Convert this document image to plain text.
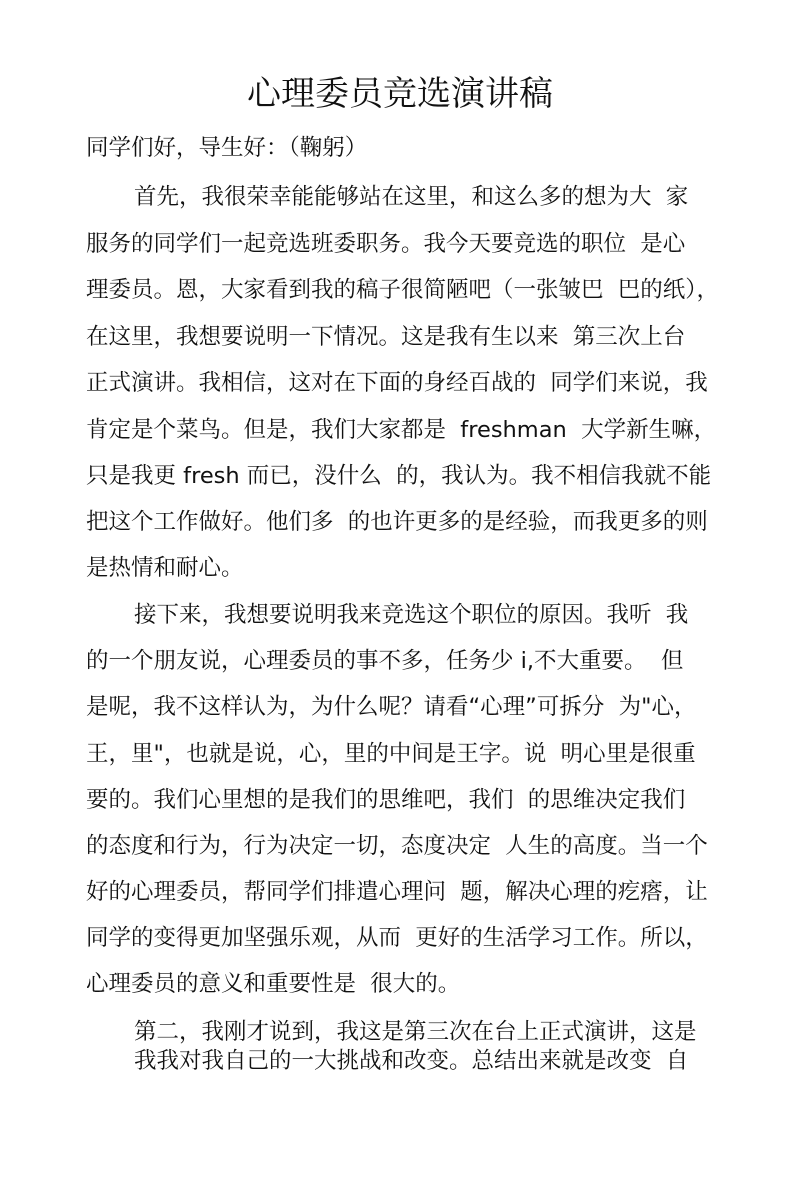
心理委员竞选演讲稿
同学们好，导生好：（鞠躬）
首先，我很荣幸能能够站在这里，和这么多的想为大  家
服务的同学们一起竞选班委职务。我今天要竞选的职位  是心
理委员。恩，大家看到我的稿子很简陋吧（一张皱巴  巴的纸），
在这里，我想要说明一下情况。这是我有生以来  第三次上台
正式演讲。我相信，这对在下面的身经百战的  同学们来说，我
肯定是个菜鸟。但是，我们大家都是  freshman  大学新生嘛，
只是我更 fresh 而已，没什么  的，我认为。我不相信我就不能
把这个工作做好。他们多  的也许更多的是经验，而我更多的则
是热情和耐心。
接下来，我想要说明我来竞选这个职位的原因。我听  我
的一个朋友说，心理委员的事不多，任务少 i,不大重要。  但
是呢，我不这样认为，为什么呢？请看“心理”可拆分  为"心，
王，里"，也就是说，心，里的中间是王字。说  明心里是很重
要的。我们心里想的是我们的思维吧，我们  的思维决定我们
的态度和行为，行为决定一切，态度决定  人生的高度。当一个
好的心理委员，帮同学们排遣心理问  题，解决心理的疙瘩，让
同学的变得更加坚强乐观，从而  更好的生活学习工作。所以，
心理委员的意义和重要性是  很大的。
第二，我刚才说到，我这是第三次在台上正式演讲，这是
我我对我自己的一大挑战和改变。总结出来就是改变  自
